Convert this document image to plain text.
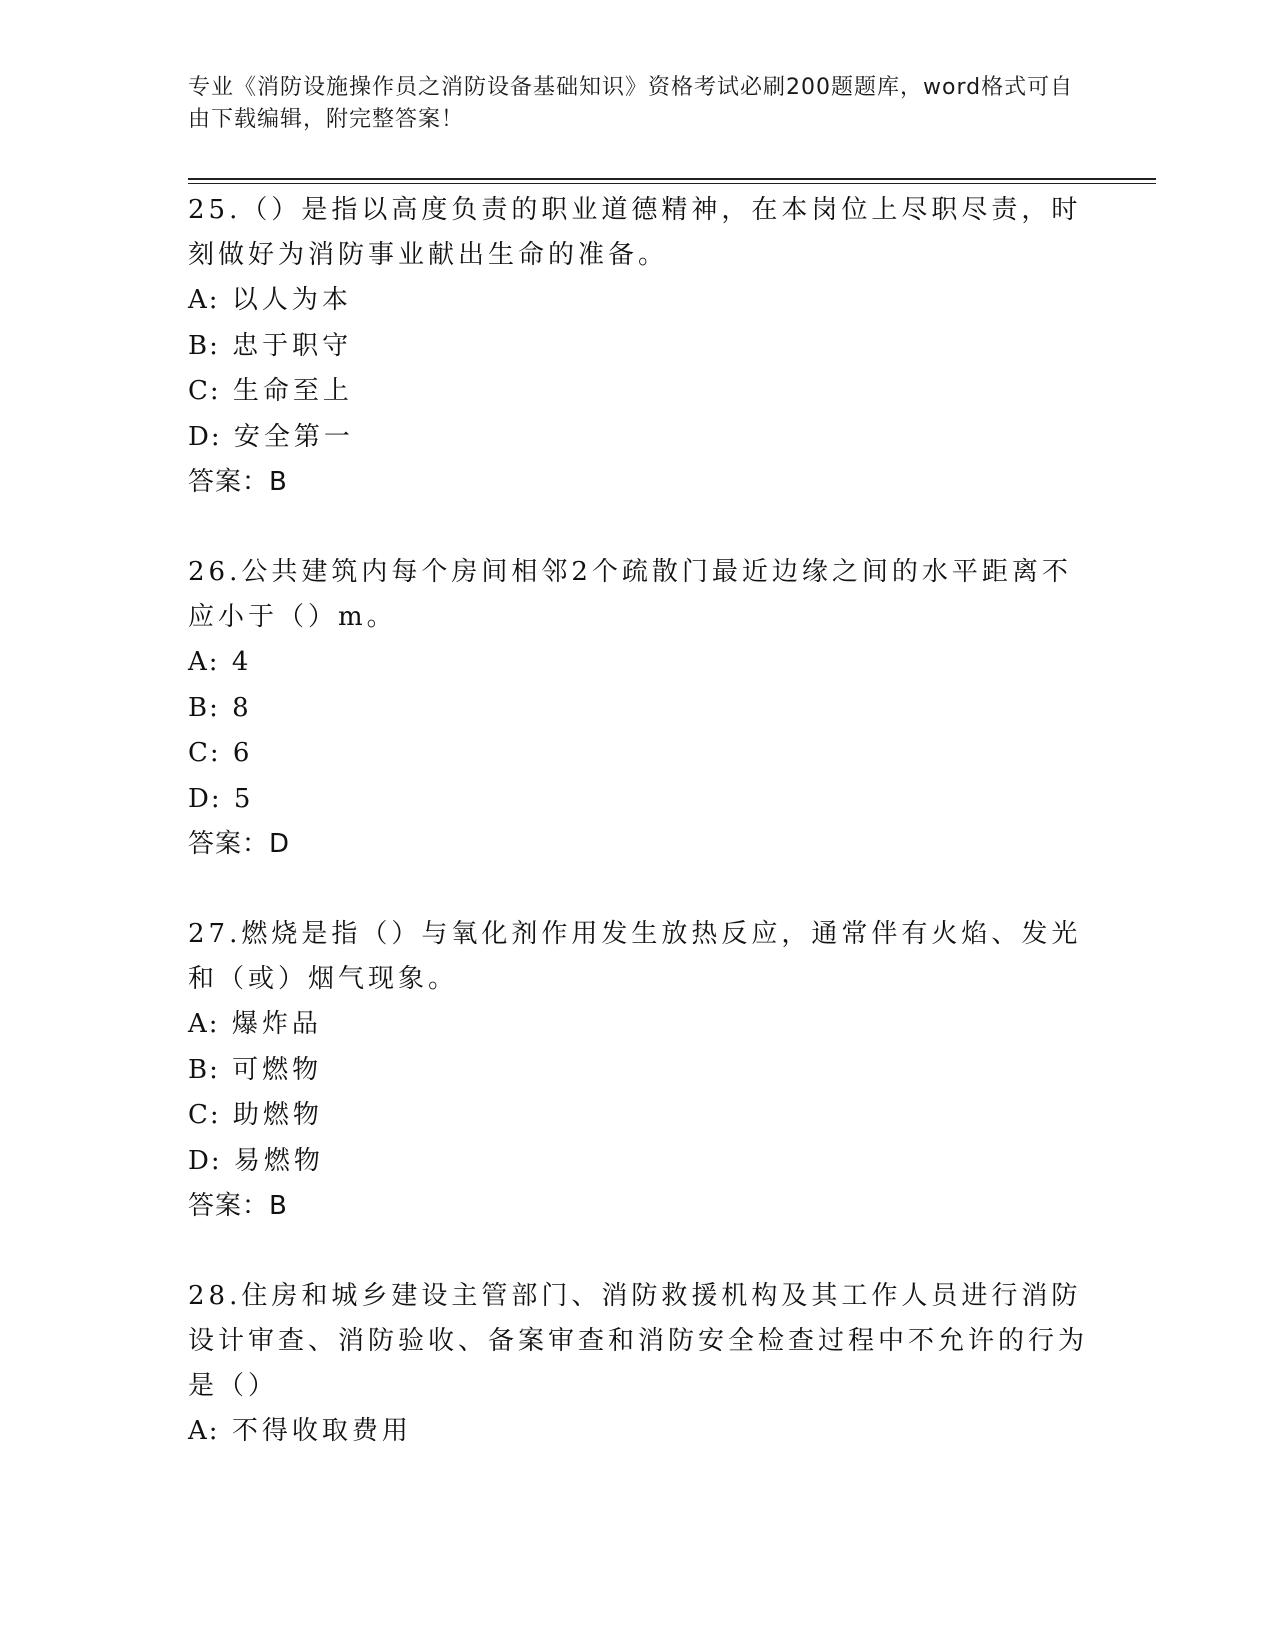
专业《消防设施操作员之消防设备基础知识》资格考试必刷200题题库，word格式可自由下载编辑，附完整答案！

25.（）是指以高度负责的职业道德精神，在本岗位上尽职尽责，时刻做好为消防事业献出生命的准备。

A: 以人为本

B: 忠于职守

C: 生命至上

D: 安全第一

答案：B

26.公共建筑内每个房间相邻2个疏散门最近边缘之间的水平距离不应小于（）m。

A: 4

B: 8

C: 6

D: 5

答案：D

27.燃烧是指（）与氧化剂作用发生放热反应，通常伴有火焰、发光和（或）烟气现象。

A: 爆炸品

B: 可燃物

C: 助燃物

D: 易燃物

答案：B

28.住房和城乡建设主管部门、消防救援机构及其工作人员进行消防设计审查、消防验收、备案审查和消防安全检查过程中不允许的行为是（）

A: 不得收取费用
